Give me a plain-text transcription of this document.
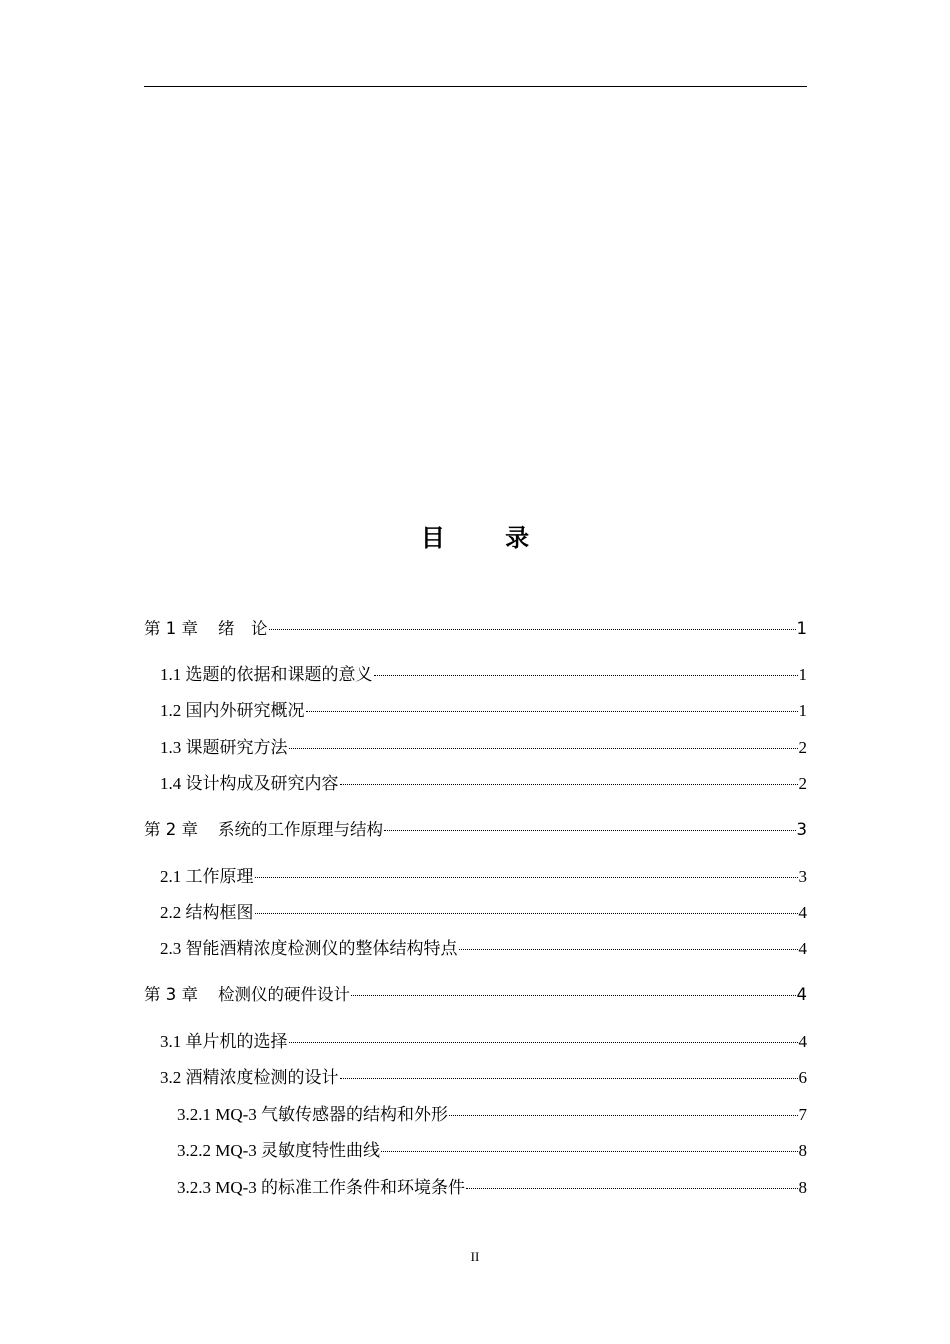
目 录
第 1 章	绪　论	1
1.1 选题的依据和课题的意义	1
1.2 国内外研究概况	1
1.3 课题研究方法	2
1.4 设计构成及研究内容	2
第 2 章	系统的工作原理与结构	3
2.1 工作原理	3
2.2 结构框图	4
2.3 智能酒精浓度检测仪的整体结构特点	4
第 3 章	检测仪的硬件设计	4
3.1 单片机的选择	4
3.2 酒精浓度检测的设计	6
3.2.1 MQ-3 气敏传感器的结构和外形	7
3.2.2 MQ-3 灵敏度特性曲线	8
3.2.3 MQ-3 的标准工作条件和环境条件	8
II
